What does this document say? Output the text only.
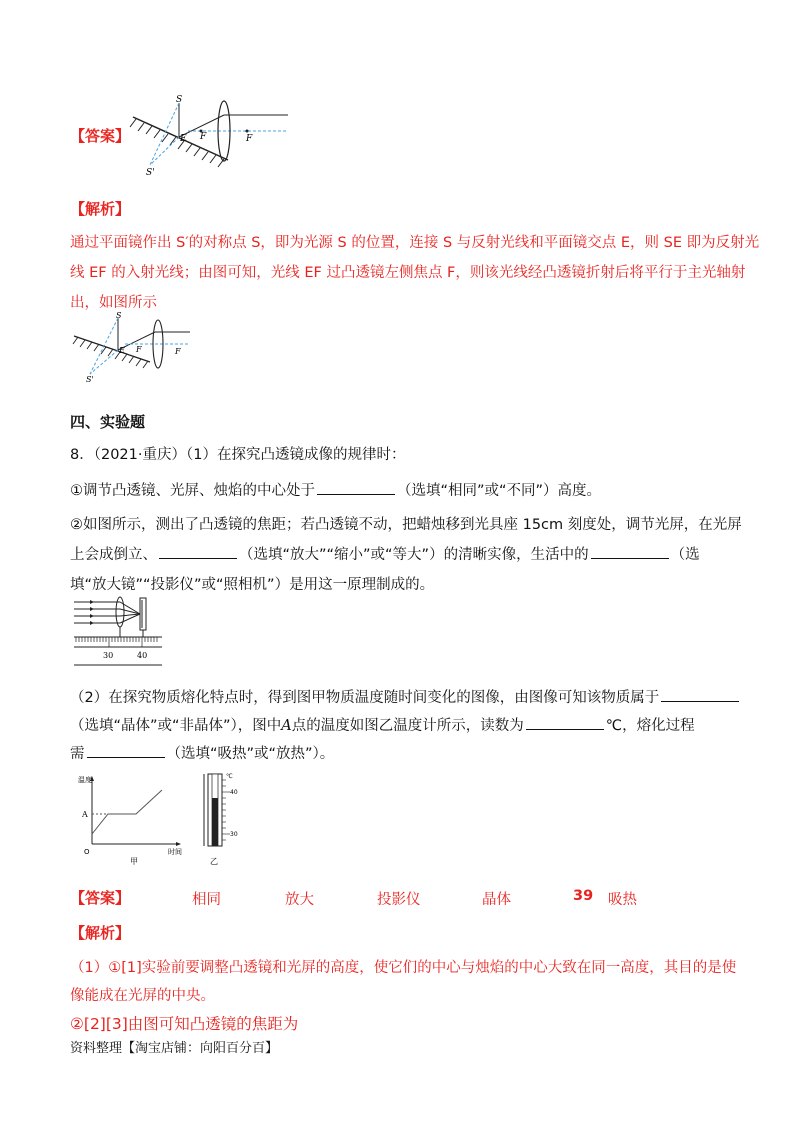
【答案】
S
E F	F
S'
【解析】
通过平面镜作出 S′的对称点 S，即为光源 S 的位置，连接 S 与反射光线和平面镜交点 E，则 SE 即为反射光
线 EF 的入射光线；由图可知，光线 EF 过凸透镜左侧焦点 F，则该光线经凸透镜折射后将平行于主光轴射
出，如图所示
S
E F	F
S'
四、实验题
8．（2021·重庆）（1）在探究凸透镜成像的规律时：
①调节凸透镜、光屏、烛焰的中心处于	（选填“相同”或“不同”）高度。
②如图所示，测出了凸透镜的焦距；若凸透镜不动，把蜡烛移到光具座 15cm 刻度处，调节光屏，在光屏
上会成倒立、	（选填“放大”“缩小”或“等大”）的清晰实像，生活中的	（选
填“放大镜”“投影仪”或“照相机”）是用这一原理制成的。
30	40
（2）在探究物质熔化特点时，得到图甲物质温度随时间变化的图像，由图像可知该物质属于
（选填“晶体”或“非晶体”），图中A点的温度如图乙温度计所示，读数为	℃，熔化过程
需	（选填“吸热”或“放热”）。
温度
A
O	时间
甲
℃
40
30
乙
【答案】	相同	放大	投影仪	晶体	39 吸热
【解析】
（1）①[1]实验前要调整凸透镜和光屏的高度，使它们的中心与烛焰的中心大致在同一高度，其目的是使
像能成在光屏的中央。
②[2][3]由图可知凸透镜的焦距为
资料整理【淘宝店铺：向阳百分百】
